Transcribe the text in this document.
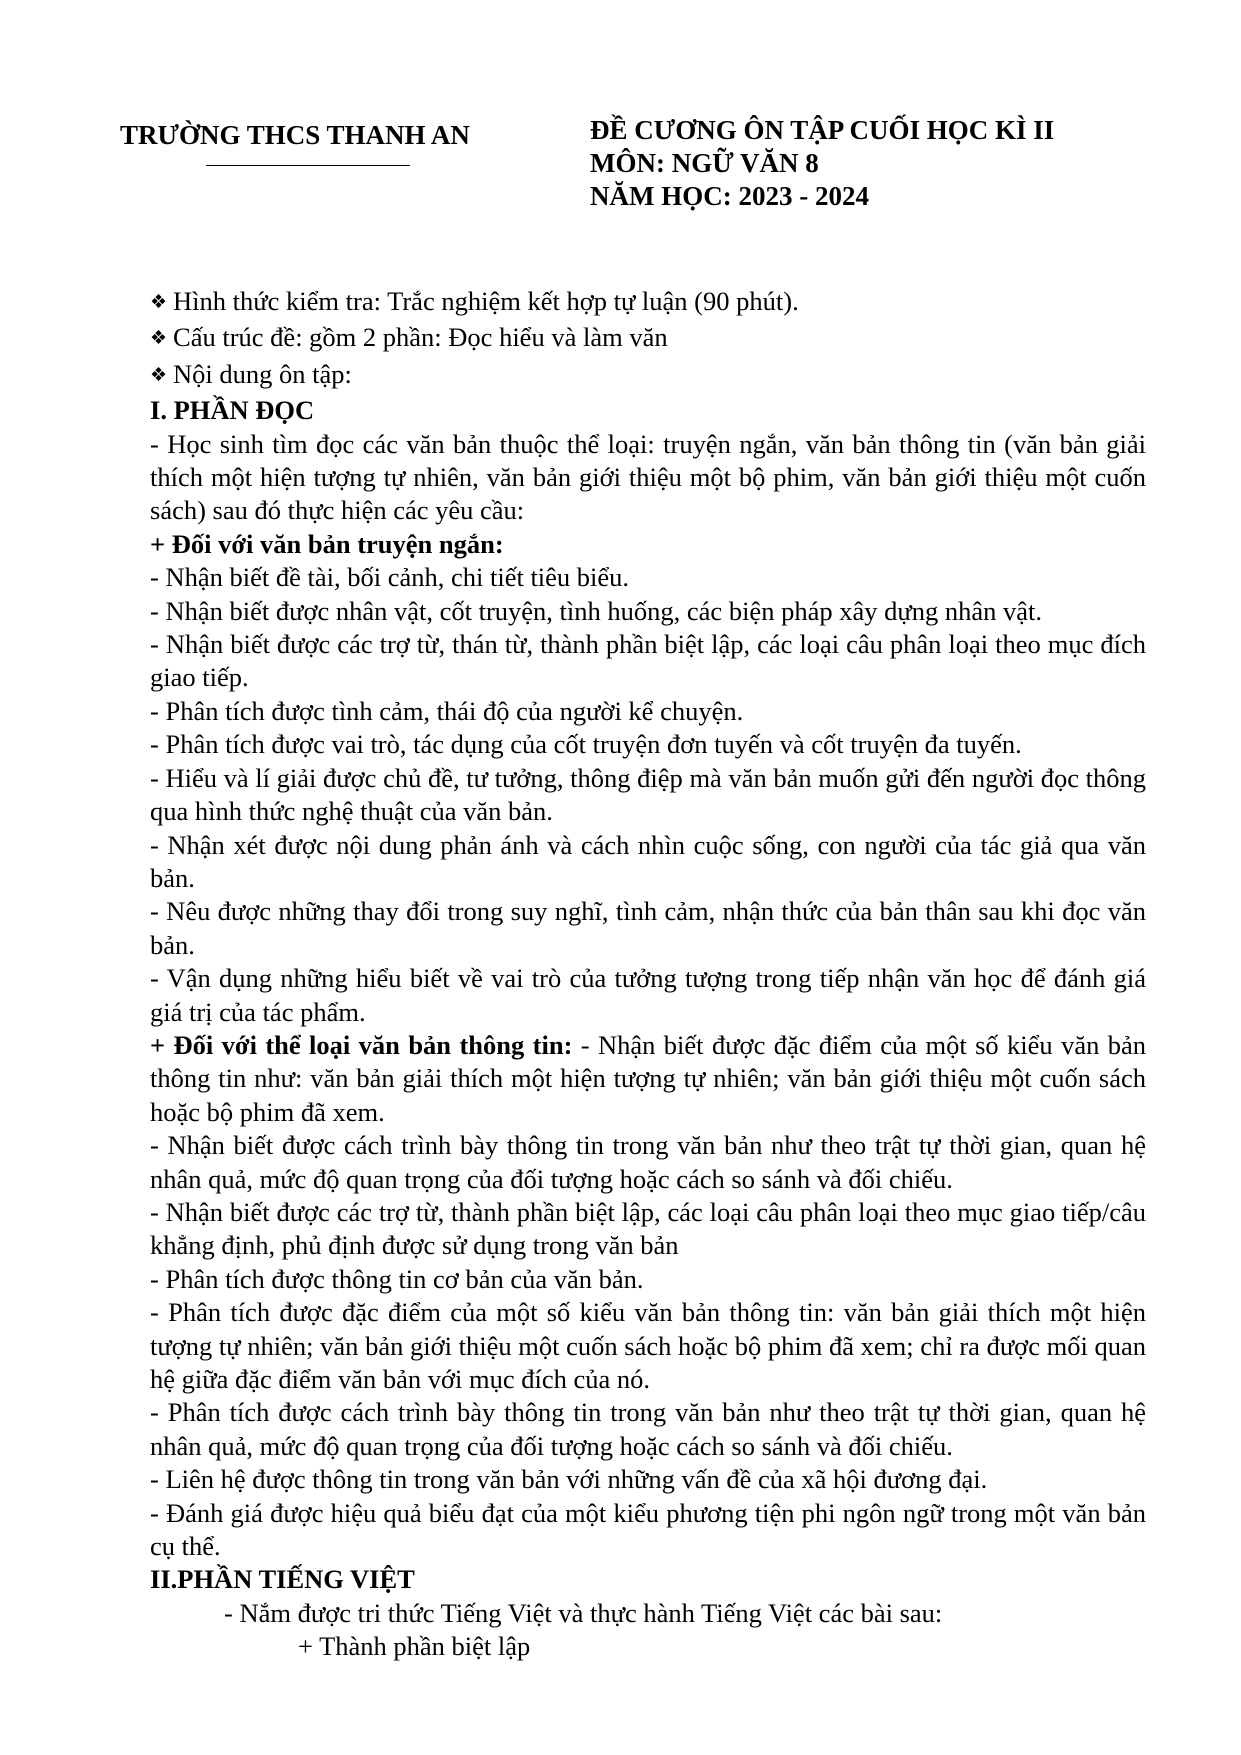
TRƯỜNG THCS THANH AN	ĐỀ CƯƠNG ÔN TẬP CUỐI HỌC KÌ II
MÔN: NGỮ VĂN 8
NĂM HỌC: 2023 - 2024

❖ Hình thức kiểm tra: Trắc nghiệm kết hợp tự luận (90 phút).

❖ Cấu trúc đề: gồm 2 phần: Đọc hiểu và làm văn

❖ Nội dung ôn tập:

I. PHẦN ĐỌC

- Học sinh tìm đọc các văn bản thuộc thể loại: truyện ngắn, văn bản thông tin (văn bản giải thích một hiện tượng tự nhiên, văn bản giới thiệu một bộ phim, văn bản giới thiệu một cuốn sách) sau đó thực hiện các yêu cầu:

+ Đối với văn bản truyện ngắn:

- Nhận biết đề tài, bối cảnh, chi tiết tiêu biểu.

- Nhận biết được nhân vật, cốt truyện, tình huống, các biện pháp xây dựng nhân vật.

- Nhận biết được các trợ từ, thán từ, thành phần biệt lập, các loại câu phân loại theo mục đích giao tiếp.

- Phân tích được tình cảm, thái độ của người kể chuyện.

- Phân tích được vai trò, tác dụng của cốt truyện đơn tuyến và cốt truyện đa tuyến.

- Hiểu và lí giải được chủ đề, tư tưởng, thông điệp mà văn bản muốn gửi đến người đọc thông qua hình thức nghệ thuật của văn bản.

- Nhận xét được nội dung phản ánh và cách nhìn cuộc sống, con người của tác giả qua văn bản.

- Nêu được những thay đổi trong suy nghĩ, tình cảm, nhận thức của bản thân sau khi đọc văn bản.

- Vận dụng những hiểu biết về vai trò của tưởng tượng trong tiếp nhận văn học để đánh giá giá trị của tác phẩm.

+ Đối với thể loại văn bản thông tin: - Nhận biết được đặc điểm của một số kiểu văn bản thông tin như: văn bản giải thích một hiện tượng tự nhiên; văn bản giới thiệu một cuốn sách hoặc bộ phim đã xem.

- Nhận biết được cách trình bày thông tin trong văn bản như theo trật tự thời gian, quan hệ nhân quả, mức độ quan trọng của đối tượng hoặc cách so sánh và đối chiếu.

- Nhận biết được các trợ từ, thành phần biệt lập, các loại câu phân loại theo mục giao tiếp/câu khẳng định, phủ định được sử dụng trong văn bản

- Phân tích được thông tin cơ bản của văn bản.

- Phân tích được đặc điểm của một số kiểu văn bản thông tin: văn bản giải thích một hiện tượng tự nhiên; văn bản giới thiệu một cuốn sách hoặc bộ phim đã xem; chỉ ra được mối quan hệ giữa đặc điểm văn bản với mục đích của nó.

- Phân tích được cách trình bày thông tin trong văn bản như theo trật tự thời gian, quan hệ nhân quả, mức độ quan trọng của đối tượng hoặc cách so sánh và đối chiếu.

- Liên hệ được thông tin trong văn bản với những vấn đề của xã hội đương đại.

- Đánh giá được hiệu quả biểu đạt của một kiểu phương tiện phi ngôn ngữ trong một văn bản cụ thể.

II.PHẦN TIẾNG VIỆT

- Nắm được tri thức Tiếng Việt và thực hành Tiếng Việt các bài sau:

+ Thành phần biệt lập
